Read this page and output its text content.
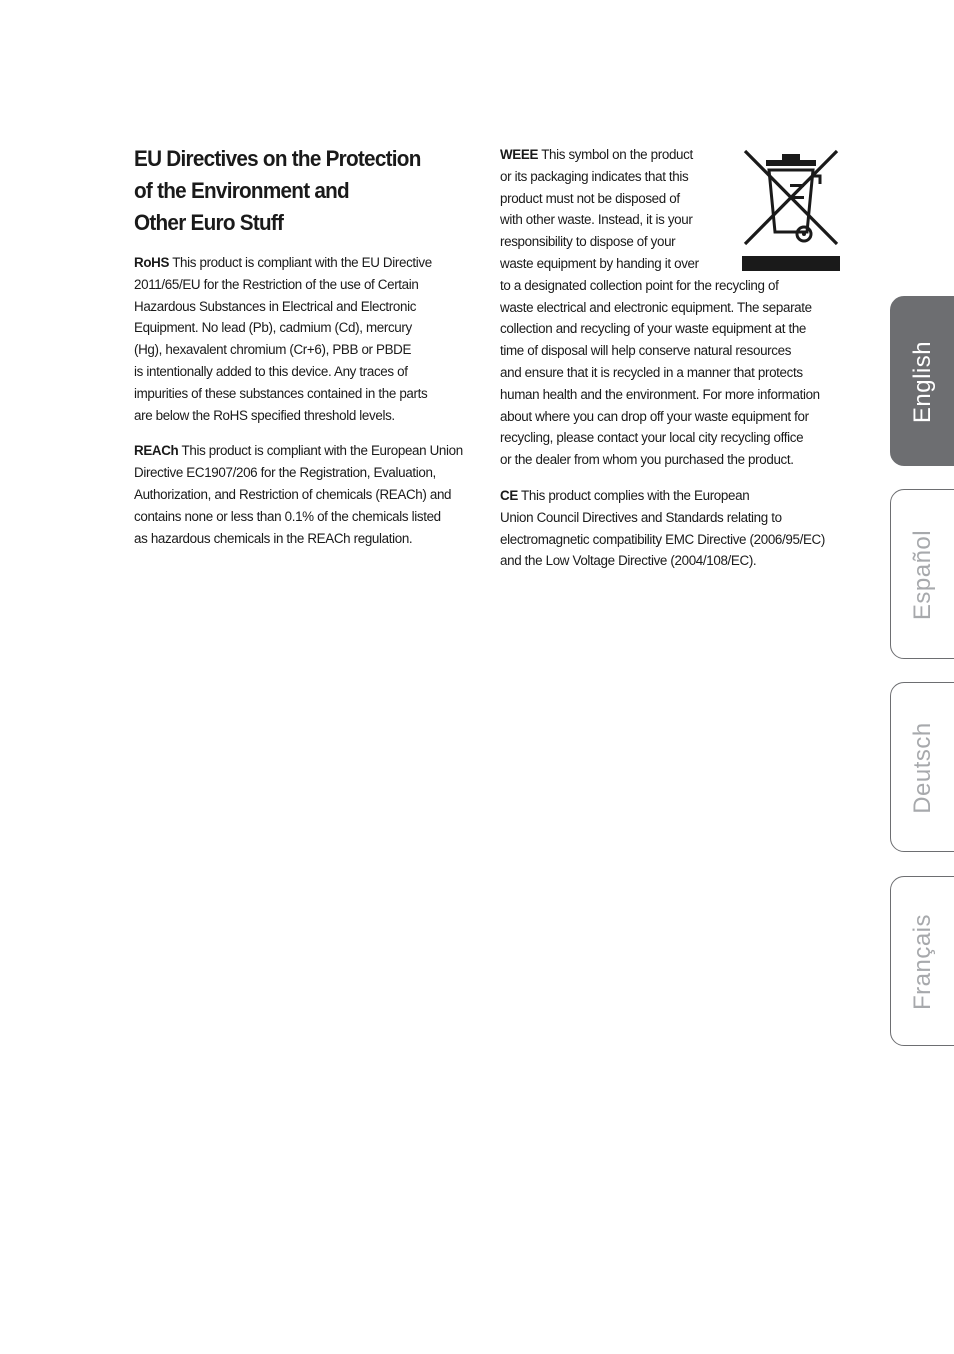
EU Directives on the Protection
of the Environment and
Other Euro Stuff

RoHS This product is compliant with the EU Directive
2011/65/EU for the Restriction of the use of Certain
Hazardous Substances in Electrical and Electronic
Equipment. No lead (Pb), cadmium (Cd), mercury
(Hg), hexavalent chromium (Cr+6), PBB or PBDE
is intentionally added to this device. Any traces of
impurities of these substances contained in the parts
are below the RoHS specified threshold levels.

REACh This product is compliant with the European Union
Directive EC1907/206 for the Registration, Evaluation,
Authorization, and Restriction of chemicals (REACh) and
contains none or less than 0.1% of the chemicals listed
as hazardous chemicals in the REACh regulation.

WEEE This symbol on the product
or its packaging indicates that this
product must not be disposed of
with other waste. Instead, it is your
responsibility to dispose of your
waste equipment by handing it over
to a designated collection point for the recycling of
waste electrical and electronic equipment. The separate
collection and recycling of your waste equipment at the
time of disposal will help conserve natural resources
and ensure that it is recycled in a manner that protects
human health and the environment. For more information
about where you can drop off your waste equipment for
recycling, please contact your local city recycling office
or the dealer from whom you purchased the product.

CE This product complies with the European
Union Council Directives and Standards relating to
electromagnetic compatibility EMC Directive (2006/95/EC)
and the Low Voltage Directive (2004/108/EC).

English
Español
Deutsch
Français
